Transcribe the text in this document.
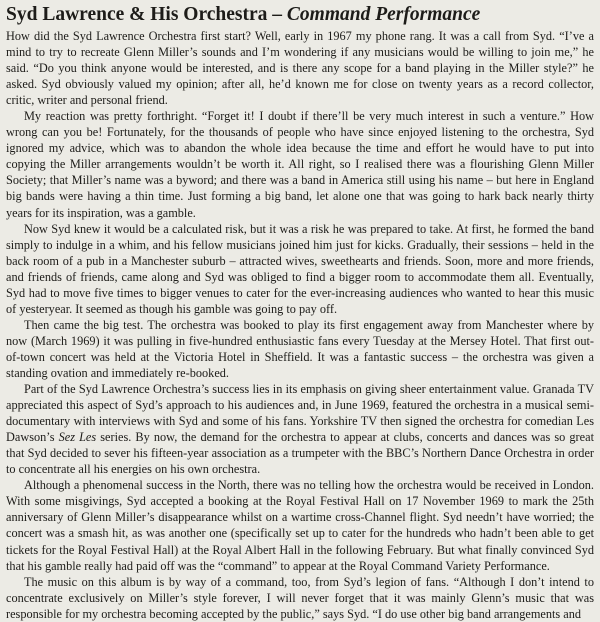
Syd Lawrence & His Orchestra – Command Performance

How did the Syd Lawrence Orchestra first start? Well, early in 1967 my phone rang. It was a call from Syd. “I’ve a mind to try to recreate Glenn Miller’s sounds and I’m wondering if any musicians would be willing to join me,” he said. “Do you think anyone would be interested, and is there any scope for a band playing in the Miller style?” he asked. Syd obviously valued my opinion; after all, he’d known me for close on twenty years as a record collector, critic, writer and personal friend.

My reaction was pretty forthright. “Forget it! I doubt if there’ll be very much interest in such a venture.” How wrong can you be! Fortunately, for the thousands of people who have since enjoyed listening to the orchestra, Syd ignored my advice, which was to abandon the whole idea because the time and effort he would have to put into copying the Miller arrangements wouldn’t be worth it. All right, so I realised there was a flourishing Glenn Miller Society; that Miller’s name was a byword; and there was a band in America still using his name – but here in England big bands were having a thin time. Just forming a big band, let alone one that was going to hark back nearly thirty years for its inspiration, was a gamble.

Now Syd knew it would be a calculated risk, but it was a risk he was prepared to take. At first, he formed the band simply to indulge in a whim, and his fellow musicians joined him just for kicks. Gradually, their sessions – held in the back room of a pub in a Manchester suburb – attracted wives, sweethearts and friends. Soon, more and more friends, and friends of friends, came along and Syd was obliged to find a bigger room to accommodate them all. Eventually, Syd had to move five times to bigger venues to cater for the ever-increasing audiences who wanted to hear this music of yesteryear. It seemed as though his gamble was going to pay off.

Then came the big test. The orchestra was booked to play its first engagement away from Manchester where by now (March 1969) it was pulling in five-hundred enthusiastic fans every Tuesday at the Mersey Hotel. That first out-of-town concert was held at the Victoria Hotel in Sheffield. It was a fantastic success – the orchestra was given a standing ovation and immediately re-booked.

Part of the Syd Lawrence Orchestra’s success lies in its emphasis on giving sheer entertainment value. Granada TV appreciated this aspect of Syd’s approach to his audiences and, in June 1969, featured the orchestra in a musical semi-documentary with interviews with Syd and some of his fans. Yorkshire TV then signed the orchestra for comedian Les Dawson’s Sez Les series. By now, the demand for the orchestra to appear at clubs, concerts and dances was so great that Syd decided to sever his fifteen-year association as a trumpeter with the BBC’s Northern Dance Orchestra in order to concentrate all his energies on his own orchestra.

Although a phenomenal success in the North, there was no telling how the orchestra would be received in London. With some misgivings, Syd accepted a booking at the Royal Festival Hall on 17 November 1969 to mark the 25th anniversary of Glenn Miller’s disappearance whilst on a wartime cross-Channel flight. Syd needn’t have worried; the concert was a smash hit, as was another one (specifically set up to cater for the hundreds who hadn’t been able to get tickets for the Royal Festival Hall) at the Royal Albert Hall in the following February. But what finally convinced Syd that his gamble really had paid off was the “command” to appear at the Royal Command Variety Performance.

The music on this album is by way of a command, too, from Syd’s legion of fans. “Although I don’t intend to concentrate exclusively on Miller’s style forever, I will never forget that it was mainly Glenn’s music that was responsible for my orchestra becoming accepted by the public,” says Syd. “I do use other big band arrangements and
